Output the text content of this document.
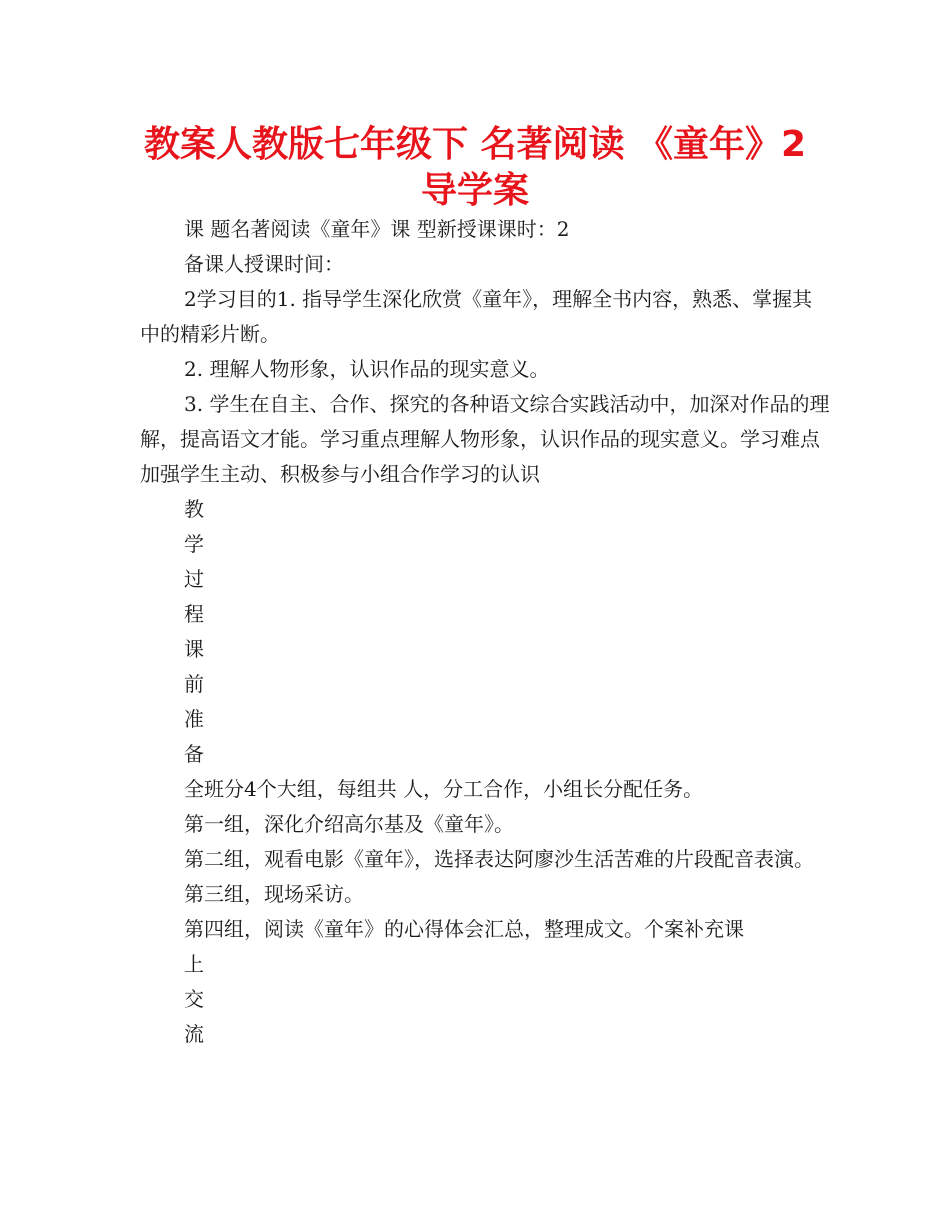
教案人教版七年级下 名著阅读 《童年》2
导学案

课 题名著阅读《童年》课 型新授课课时：2

备课人授课时间：

2学习目的1. 指导学生深化欣赏《童年》，理解全书内容，熟悉、掌握其中的精彩片断。

2. 理解人物形象，认识作品的现实意义。

3. 学生在自主、合作、探究的各种语文综合实践活动中，加深对作品的理解，提高语文才能。学习重点理解人物形象，认识作品的现实意义。学习难点加强学生主动、积极参与小组合作学习的认识

教

学

过

程

课

前

准

备

全班分4个大组，每组共 人，分工合作，小组长分配任务。

第一组，深化介绍高尔基及《童年》。

第二组，观看电影《童年》，选择表达阿廖沙生活苦难的片段配音表演。

第三组，现场采访。

第四组，阅读《童年》的心得体会汇总，整理成文。个案补充课

上

交

流
